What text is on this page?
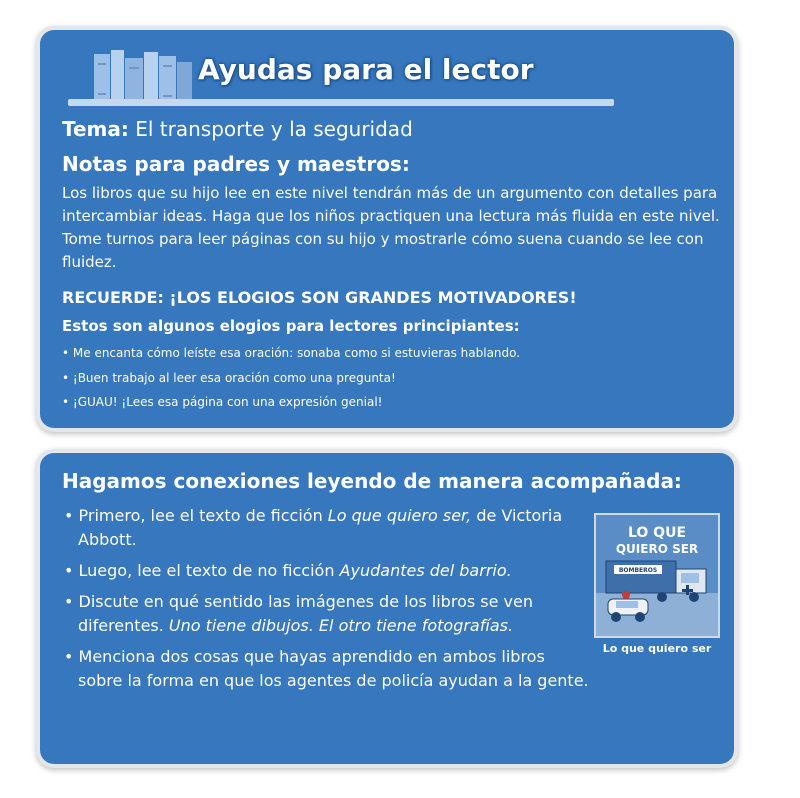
Ayudas para el lector
Tema: El transporte y la seguridad
Notas para padres y maestros:
Los libros que su hijo lee en este nivel tendrán más de un argumento con detalles para intercambiar ideas. Haga que los niños practiquen una lectura más fluida en este nivel. Tome turnos para leer páginas con su hijo y mostrarle cómo suena cuando se lee con fluidez.
RECUERDE: ¡LOS ELOGIOS SON GRANDES MOTIVADORES!
Estos son algunos elogios para lectores principiantes:
• Me encanta cómo leíste esa oración: sonaba como si estuvieras hablando.
• ¡Buen trabajo al leer esa oración como una pregunta!
• ¡GUAU! ¡Lees esa página con una expresión genial!
Hagamos conexiones leyendo de manera acompañada:
• Primero, lee el texto de ficción Lo que quiero ser, de Victoria Abbott.
• Luego, lee el texto de no ficción Ayudantes del barrio.
• Discute en qué sentido las imágenes de los libros se ven diferentes. Uno tiene dibujos. El otro tiene fotografías.
• Menciona dos cosas que hayas aprendido en ambos libros sobre la forma en que los agentes de policía ayudan a la gente.
LO QUE
QUIERO SER
BOMBEROS
Lo que quiero ser
